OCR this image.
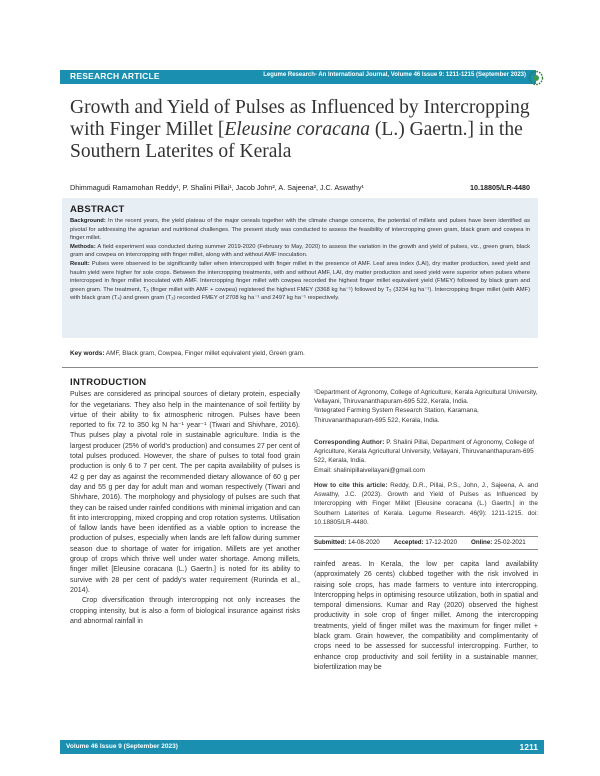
RESEARCH ARTICLE	Legume Research- An International Journal, Volume 46 Issue 9: 1211-1215 (September 2023)
Growth and Yield of Pulses as Influenced by Intercropping with Finger Millet [Eleusine coracana (L.) Gaertn.] in the Southern Laterites of Kerala
Dhimmagudi Ramamohan Reddy¹, P. Shalini Pillai¹, Jacob John², A. Sajeena², J.C. Aswathy¹	10.18805/LR-4480
ABSTRACT

Background: In the recent years, the yield plateau of the major cereals together with the climate change concerns, the potential of millets and pulses have been identified as pivotal for addressing the agrarian and nutritional challenges. The present study was conducted to assess the feasibility of intercropping green gram, black gram and cowpea in finger millet.

Methods: A field experiment was conducted during summer 2019-2020 (February to May, 2020) to assess the variation in the growth and yield of pulses, viz., green gram, black gram and cowpea on intercropping with finger millet, along with and without AMF inoculation.

Result: Pulses were observed to be significantly taller when intercropped with finger millet in the presence of AMF. Leaf area index (LAI), dry matter production, seed yield and haulm yield were higher for sole crops. Between the intercropping treatments, with and without AMF, LAI, dry matter production and seed yield were superior when pulses where intercropped in finger millet inoculated with AMF. Intercropping finger millet with cowpea recorded the highest finger millet equivalent yield (FMEY) followed by black gram and green gram. The treatment, T₆ (finger millet with AMF + cowpea) registered the highest FMEY (3368 kg ha⁻¹) followed by T₅ (3234 kg ha⁻¹). Intercropping finger millet (with AMF) with black gram (T₄) and green gram (T₃) recorded FMEY of 2708 kg ha⁻¹ and 2497 kg ha⁻¹ respectively.

Key words: AMF, Black gram, Cowpea, Finger millet equivalent yield, Green gram.
INTRODUCTION

Pulses are considered as principal sources of dietary protein, especially for the vegetarians. They also help in the maintenance of soil fertility by virtue of their ability to fix atmospheric nitrogen. Pulses have been reported to fix 72 to 350 kg N ha⁻¹ year⁻¹ (Tiwari and Shivhare, 2016). Thus pulses play a pivotal role in sustainable agriculture. India is the largest producer (25% of world's production) and consumes 27 per cent of total pulses produced. However, the share of pulses to total food grain production is only 6 to 7 per cent. The per capita availability of pulses is 42 g per day as against the recommended dietary allowance of 60 g per day and 55 g per day for adult man and woman respectively (Tiwari and Shivhare, 2016). The morphology and physiology of pulses are such that they can be raised under rainfed conditions with minimal irrigation and can fit into intercropping, mixed cropping and crop rotation systems. Utilisation of fallow lands have been identified as a viable option to increase the production of pulses, especially when lands are left fallow during summer season due to shortage of water for irrigation. Millets are yet another group of crops which thrive well under water shortage. Among millets, finger millet [Eleusine coracana (L.) Gaertn.] is noted for its ability to survive with 28 per cent of paddy's water requirement (Rurinda et al., 2014).

Crop diversification through intercropping not only increases the cropping intensity, but is also a form of biological insurance against risks and abnormal rainfall in

¹Department of Agronomy, College of Agriculture, Kerala Agricultural University, Vellayani, Thiruvananthapuram-695 522, Kerala, India.
²Integrated Farming System Research Station, Karamana, Thiruvananthapuram-695 522, Kerala, India.
Corresponding Author: P. Shalini Pillai, Department of Agronomy, College of Agriculture, Kerala Agricultural University, Vellayani, Thiruvananthapuram-695 522, Kerala, India.
Email: shalinipillaivellayani@gmail.com
How to cite this article: Reddy, D.R., Pillai, P.S., John, J., Sajeena, A. and Aswathy, J.C. (2023). Growth and Yield of Pulses as Influenced by Intercropping with Finger Millet [Eleusine coracana (L.) Gaertn.] in the Southern Laterites of Kerala. Legume Research. 46(9): 1211-1215. doi: 10.18805/LR-4480.
Submitted: 14-08-2020 Accepted: 17-12-2020 Online: 25-02-2021
rainfed areas. In Kerala, the low per capita land availability (approximately 26 cents) clubbed together with the risk involved in raising sole crops, has made farmers to venture into intercropping. Intercropping helps in optimising resource utilization, both in spatial and temporal dimensions. Kumar and Ray (2020) observed the highest productivity in sole crop of finger millet. Among the intercropping treatments, yield of finger millet was the maximum for finger millet + black gram. Grain however, the compatibility and complimentarity of crops need to be assessed for successful intercropping. Further, to enhance crop productivity and soil fertility in a sustainable manner, biofertilization may be
Volume 46 Issue 9 (September 2023)	1211
